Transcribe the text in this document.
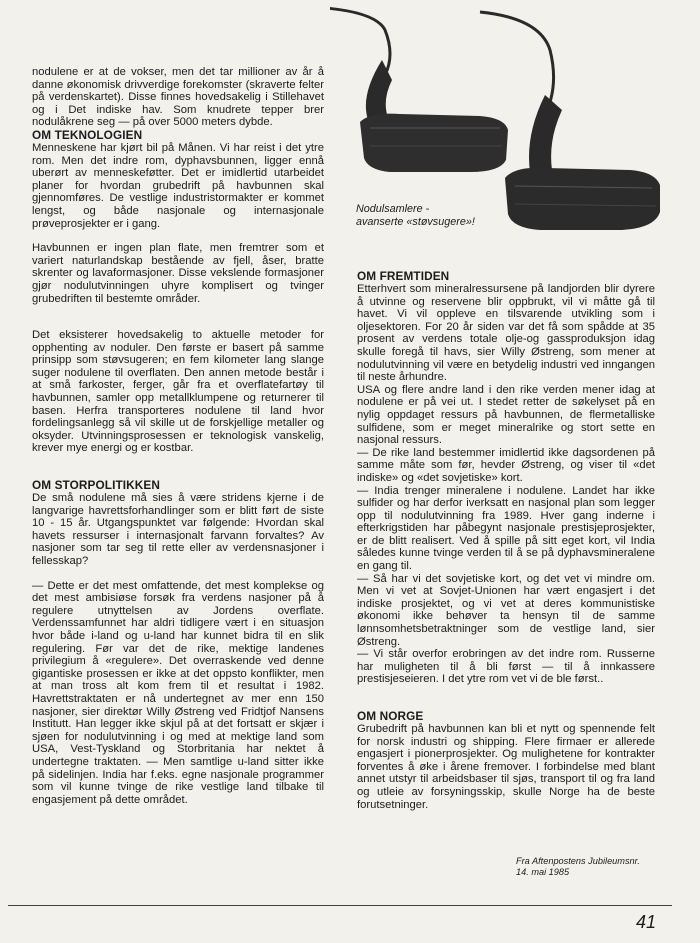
Nodulsamlere -
avanserte «støvsugere»!

nodulene er at de vokser, men det tar millioner av år å danne økonomisk drivverdige forekomster (skraverte felter på verdenskartet). Disse finnes hovedsakelig i Stillehavet og i Det indiske hav. Som knudrete tepper brer nodulåkrene seg — på over 5000 meters dybde.

OM TEKNOLOGIEN

Menneskene har kjørt bil på Månen. Vi har reist i det ytre rom. Men det indre rom, dyphavsbunnen, ligger ennå uberørt av menneskeføtter. Det er imidlertid utarbeidet planer for hvordan grubedrift på havbunnen skal gjennomføres. De vestlige industristormakter er kommet lengst, og både nasjonale og internasjonale prøveprosjekter er i gang.

Havbunnen er ingen plan flate, men fremtrer som et variert naturlandskap bestående av fjell, åser, bratte skrenter og lavaformasjoner. Disse vekslende formasjoner gjør nodulutvinningen uhyre komplisert og tvinger grubedriften til bestemte områder.

Det eksisterer hovedsakelig to aktuelle metoder for opphenting av noduler. Den første er basert på samme prinsipp som støvsugeren; en fem kilometer lang slange suger nodulene til overflaten. Den annen metode består i at små farkoster, ferger, går fra et overflatefartøy til havbunnen, samler opp metallklumpene og returnerer til basen. Herfra transporteres nodulene til land hvor fordelingsanlegg så vil skille ut de forskjellige metaller og oksyder. Utvinningsprosessen er teknologisk vanskelig, krever mye energi og er kostbar.

OM STORPOLITIKKEN

De små nodulene må sies å være stridens kjerne i de langvarige havrettsforhandlinger som er blitt ført de siste 10 - 15 år. Utgangspunktet var følgende: Hvordan skal havets ressurser i internasjonalt farvann forvaltes? Av nasjoner som tar seg til rette eller av verdensnasjoner i fellesskap?

— Dette er det mest omfattende, det mest komplekse og det mest ambisiøse forsøk fra verdens nasjoner på å regulere utnyttelsen av Jordens overflate. Verdenssamfunnet har aldri tidligere vært i en situasjon hvor både i-land og u-land har kunnet bidra til en slik regulering. Før var det de rike, mektige landenes privilegium å «regulere». Det overraskende ved denne gigantiske prosessen er ikke at det oppsto konflikter, men at man tross alt kom frem til et resultat i 1982. Havrettstraktaten er nå undertegnet av mer enn 150 nasjoner, sier direktør Willy Østreng ved Fridtjof Nansens Institutt. Han legger ikke skjul på at det fortsatt er skjær i sjøen for nodulutvinning i og med at mektige land som USA, Vest-Tyskland og Storbritania har nektet å undertegne traktaten. — Men samtlige u-land sitter ikke på sidelinjen. India har f.eks. egne nasjonale programmer som vil kunne tvinge de rike vestlige land tilbake til engasjement på dette området.

OM FREMTIDEN

Etterhvert som mineralressursene på landjorden blir dyrere å utvinne og reservene blir oppbrukt, vil vi måtte gå til havet. Vi vil oppleve en tilsvarende utvikling som i oljesektoren. For 20 år siden var det få som spådde at 35 prosent av verdens totale olje-og gassproduksjon idag skulle foregå til havs, sier Willy Østreng, som mener at nodulutvinning vil være en betydelig industri ved inngangen til neste århundre.

USA og flere andre land i den rike verden mener idag at nodulene er på vei ut. I stedet retter de søkelyset på en nylig oppdaget ressurs på havbunnen, de flermetalliske sulfidene, som er meget mineralrike og stort sette en nasjonal ressurs.

— De rike land bestemmer imidlertid ikke dagsordenen på samme måte som før, hevder Østreng, og viser til «det indiske» og «det sovjetiske» kort.

— India trenger mineralene i nodulene. Landet har ikke sulfider og har derfor iverksatt en nasjonal plan som legger opp til nodulutvinning fra 1989. Hver gang inderne i efterkrigstiden har påbegynt nasjonale prestisjeprosjekter, er de blitt realisert. Ved å spille på sitt eget kort, vil India således kunne tvinge verden til å se på dyphavsmineralene en gang til.

— Så har vi det sovjetiske kort, og det vet vi mindre om. Men vi vet at Sovjet-Unionen har vært engasjert i det indiske prosjektet, og vi vet at deres kommunistiske økonomi ikke behøver ta hensyn til de samme lønnsomhetsbetraktninger som de vestlige land, sier Østreng.

— Vi står overfor erobringen av det indre rom. Russerne har muligheten til å bli først — til å innkassere prestisjeseieren. I det ytre rom vet vi de ble først..

OM NORGE

Grubedrift på havbunnen kan bli et nytt og spennende felt for norsk industri og shipping. Flere firmaer er allerede engasjert i pionerprosjekter. Og mulighetene for kontrakter forventes å øke i årene fremover. I forbindelse med blant annet utstyr til arbeidsbaser til sjøs, transport til og fra land og utleie av forsyningsskip, skulle Norge ha de beste forutsetninger.

Fra Aftenpostens Jubileumsnr.
14. mai 1985
41
